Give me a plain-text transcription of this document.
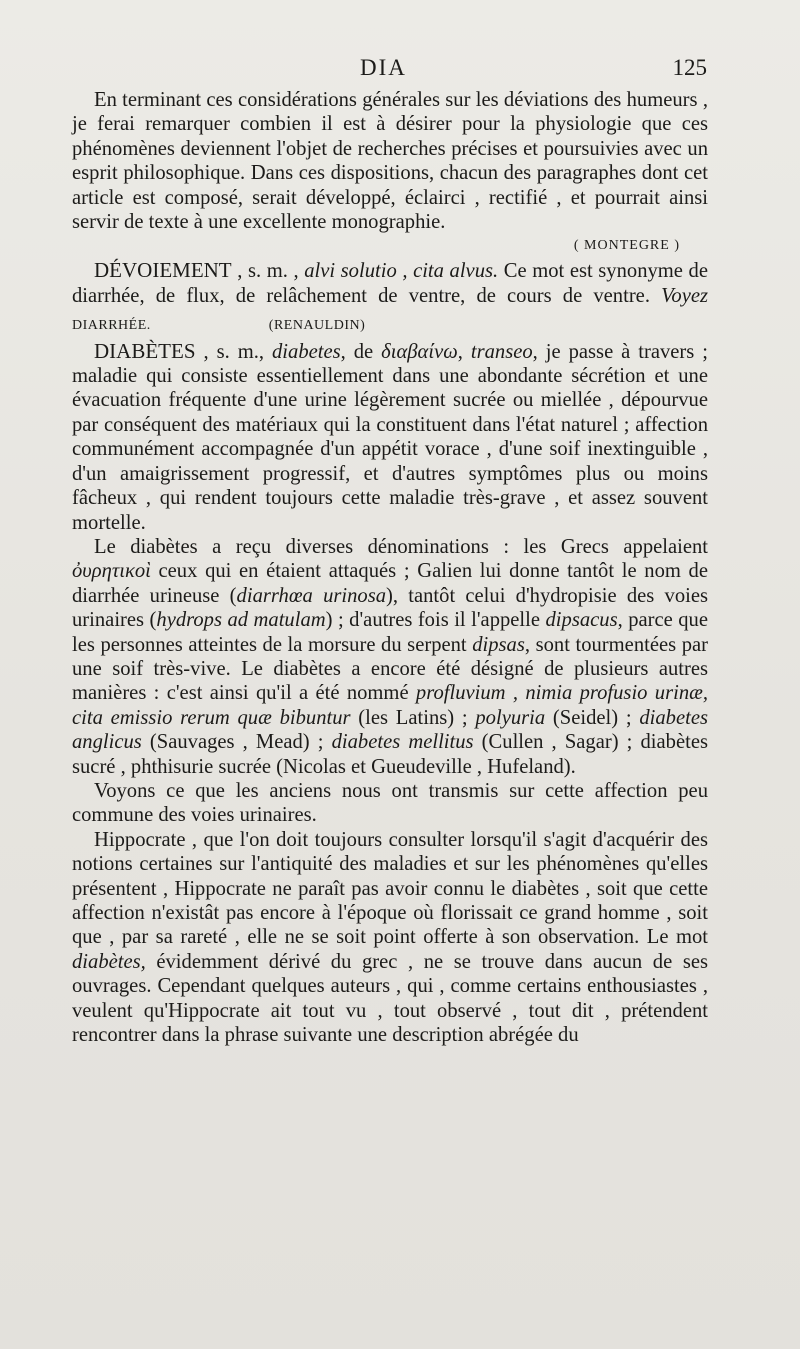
DIA	125

En terminant ces considérations générales sur les déviations des humeurs , je ferai remarquer combien il est à désirer pour la physiologie que ces phénomènes deviennent l'objet de recherches précises et poursuivies avec un esprit philosophique. Dans ces dispositions, chacun des paragraphes dont cet article est composé, serait développé, éclairci , rectifié , et pourrait ainsi servir de texte à une excellente monographie.

( MONTEGRE )

DÉVOIEMENT , s. m. , alvi solutio , cita alvus. Ce mot est synonyme de diarrhée, de flux, de relâchement de ventre, de cours de ventre. Voyez DIARRHÉE.	(RENAULDIN)

DIABÈTES , s. m., diabetes, de διαβαίνω, transeo, je passe à travers ; maladie qui consiste essentiellement dans une abondante sécrétion et une évacuation fréquente d'une urine légèrement sucrée ou miellée , dépourvue par conséquent des matériaux qui la constituent dans l'état naturel ; affection communément accompagnée d'un appétit vorace , d'une soif inextinguible , d'un amaigrissement progressif, et d'autres symptômes plus ou moins fâcheux , qui rendent toujours cette maladie très-grave , et assez souvent mortelle.

Le diabètes a reçu diverses dénominations : les Grecs appelaient ὀυρητικοὶ ceux qui en étaient attaqués ; Galien lui donne tantôt le nom de diarrhée urineuse (diarrhœa urinosa), tantôt celui d'hydropisie des voies urinaires (hydrops ad matulam) ; d'autres fois il l'appelle dipsacus, parce que les personnes atteintes de la morsure du serpent dipsas, sont tourmentées par une soif très-vive. Le diabètes a encore été désigné de plusieurs autres manières : c'est ainsi qu'il a été nommé profluvium , nimia profusio urinæ, cita emissio rerum quæ bibuntur (les Latins) ; polyuria (Seidel) ; diabetes anglicus (Sauvages , Mead) ; diabetes mellitus (Cullen , Sagar) ; diabètes sucré , phthisurie sucrée (Nicolas et Gueudeville , Hufeland).

Voyons ce que les anciens nous ont transmis sur cette affection peu commune des voies urinaires.

Hippocrate , que l'on doit toujours consulter lorsqu'il s'agit d'acquérir des notions certaines sur l'antiquité des maladies et sur les phénomènes qu'elles présentent , Hippocrate ne paraît pas avoir connu le diabètes , soit que cette affection n'existât pas encore à l'époque où florissait ce grand homme , soit que , par sa rareté , elle ne se soit point offerte à son observation. Le mot diabètes, évidemment dérivé du grec , ne se trouve dans aucun de ses ouvrages. Cependant quelques auteurs , qui , comme certains enthousiastes , veulent qu'Hippocrate ait tout vu , tout observé , tout dit , prétendent rencontrer dans la phrase suivante une description abrégée du
